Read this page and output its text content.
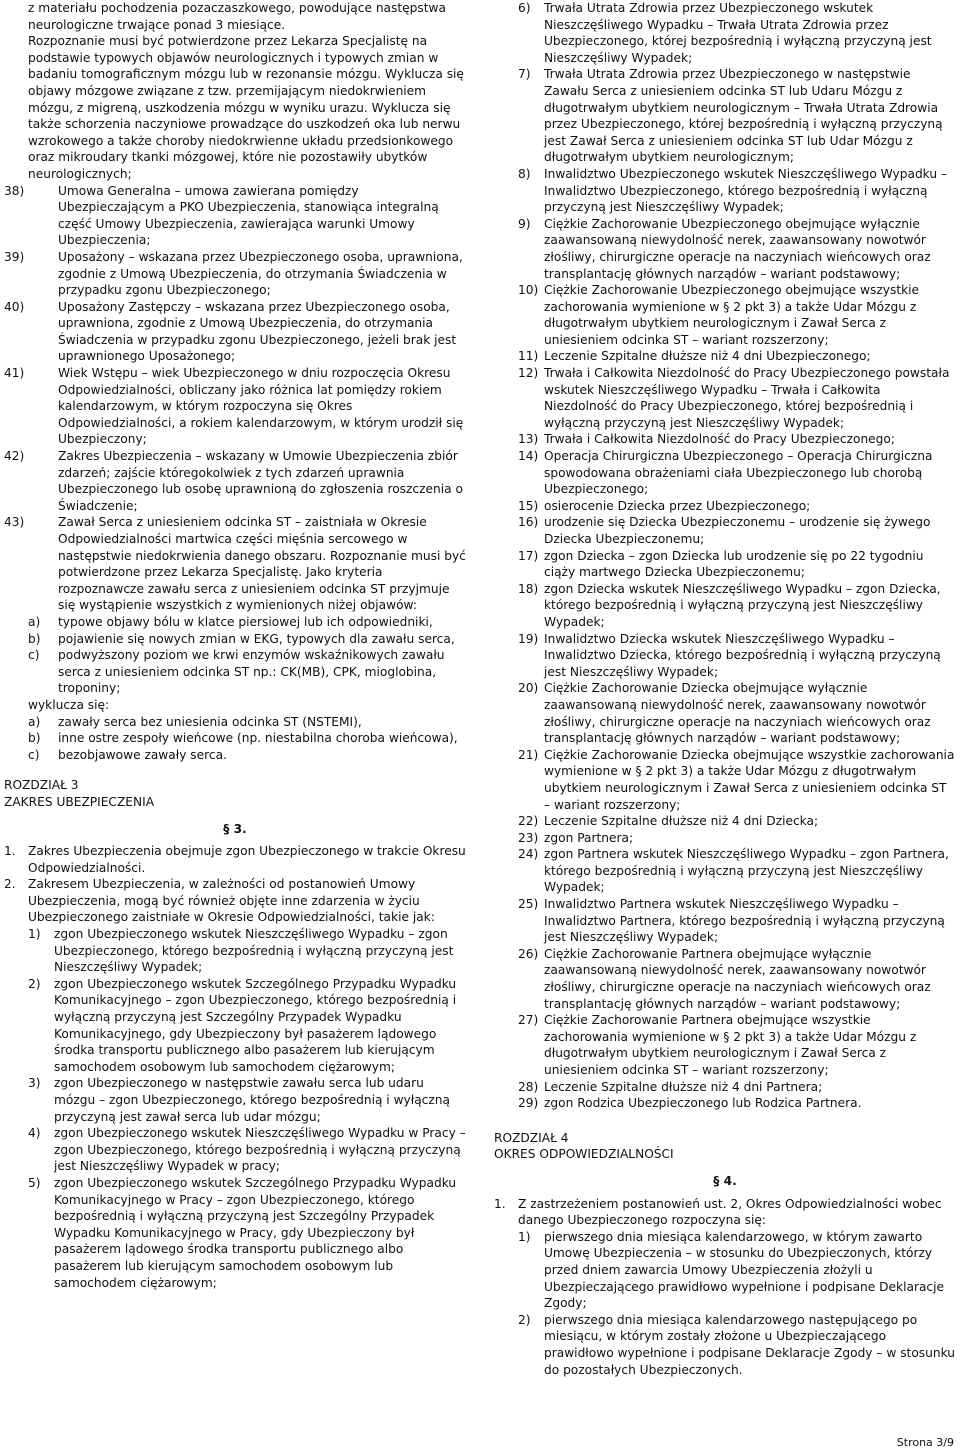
z materiału pochodzenia pozaczaszkowego, powodujące następstwa neurologiczne trwające ponad 3 miesiące.

Rozpoznanie musi być potwierdzone przez Lekarza Specjalistę na podstawie typowych objawów neurologicznych i typowych zmian w badaniu tomograficznym mózgu lub w rezonansie mózgu. Wyklucza się objawy mózgowe związane z tzw. przemijającym niedokrwieniem mózgu, z migreną, uszkodzenia mózgu w wyniku urazu. Wyklucza się także schorzenia naczyniowe prowadzące do uszkodzeń oka lub nerwu wzrokowego a także choroby niedokrwienne układu przedsionkowego oraz mikroudary tkanki mózgowej, które nie pozostawiły ubytków neurologicznych;

38)	Umowa Generalna – umowa zawierana pomiędzy Ubezpieczającym a PKO Ubezpieczenia, stanowiąca integralną część Umowy Ubezpieczenia, zawierająca warunki Umowy Ubezpieczenia;
39)	Uposażony – wskazana przez Ubezpieczonego osoba, uprawniona, zgodnie z Umową Ubezpieczenia, do otrzymania Świadczenia w przypadku zgonu Ubezpieczonego;
40)	Uposażony Zastępczy – wskazana przez Ubezpieczonego osoba, uprawniona, zgodnie z Umową Ubezpieczenia, do otrzymania Świadczenia w przypadku zgonu Ubezpieczonego, jeżeli brak jest uprawnionego Uposażonego;
41)	Wiek Wstępu – wiek Ubezpieczonego w dniu rozpoczęcia Okresu Odpowiedzialności, obliczany jako różnica lat pomiędzy rokiem kalendarzowym, w którym rozpoczyna się Okres Odpowiedzialności, a rokiem kalendarzowym, w którym urodził się Ubezpieczony;
42)	Zakres Ubezpieczenia – wskazany w Umowie Ubezpieczenia zbiór zdarzeń; zajście któregokolwiek z tych zdarzeń uprawnia Ubezpieczonego lub osobę uprawnioną do zgłoszenia roszczenia o Świadczenie;
43)	Zawał Serca z uniesieniem odcinka ST – zaistniała w Okresie Odpowiedzialności martwica części mięśnia sercowego w następstwie niedokrwienia danego obszaru. Rozpoznanie musi być potwierdzone przez Lekarza Specjalistę. Jako kryteria rozpoznawcze zawału serca z uniesieniem odcinka ST przyjmuje się wystąpienie wszystkich z wymienionych niżej objawów:
a) typowe objawy bólu w klatce piersiowej lub ich odpowiedniki,
b) pojawienie się nowych zmian w EKG, typowych dla zawału serca,
c) podwyższony poziom we krwi enzymów wskaźnikowych zawału serca z uniesieniem odcinka ST np.: CK(MB), CPK, mioglobina, troponiny;

wykluczа się:

a) zawały serca bez uniesienia odcinka ST (NSTEMI),
b) inne ostre zespoły wieńcowe (np. niestabilna choroba wieńcowa),
c) bezobjawowe zawały serca.

ROZDZIAŁ 3

ZAKRES UBEZPIECZENIA

§ 3.

1. Zakres Ubezpieczenia obejmuje zgon Ubezpieczonego w trakcie Okresu Odpowiedzialności.
2. Zakresem Ubezpieczenia, w zależności od postanowień Umowy Ubezpieczenia, mogą być również objęte inne zdarzenia w życiu Ubezpieczonego zaistniałe w Okresie Odpowiedzialności, takie jak:
1) zgon Ubezpieczonego wskutek Nieszczęśliwego Wypadku – zgon Ubezpieczonego, którego bezpośrednią i wyłączną przyczyną jest Nieszczęśliwy Wypadek;
2) zgon Ubezpieczonego wskutek Szczególnego Przypadku Wypadku Komunikacyjnego – zgon Ubezpieczonego, którego bezpośrednią i wyłączną przyczyną jest Szczególny Przypadek Wypadku Komunikacyjnego, gdy Ubezpieczony był pasażerem lądowego środka transportu publicznego albo pasażerem lub kierującym samochodem osobowym lub samochodem ciężarowym;
3) zgon Ubezpieczonego w następstwie zawału serca lub udaru mózgu – zgon Ubezpieczonego, którego bezpośrednią i wyłączną przyczyną jest zawał serca lub udar mózgu;
4) zgon Ubezpieczonego wskutek Nieszczęśliwego Wypadku w Pracy – zgon Ubezpieczonego, którego bezpośrednią i wyłączną przyczyną jest Nieszczęśliwy Wypadek w pracy;
5) zgon Ubezpieczonego wskutek Szczególnego Przypadku Wypadku Komunikacyjnego w Pracy – zgon Ubezpieczonego, którego bezpośrednią i wyłączną przyczyną jest Szczególny Przypadek Wypadku Komunikacyjnego w Pracy, gdy Ubezpieczony był pasażerem lądowego środka transportu publicznego albo pasażerem lub kierującym samochodem osobowym lub samochodem ciężarowym;
6) Trwała Utrata Zdrowia przez Ubezpieczonego wskutek Nieszczęśliwego Wypadku – Trwała Utrata Zdrowia przez Ubezpieczonego, której bezpośrednią i wyłączną przyczyną jest Nieszczęśliwy Wypadek;
7) Trwała Utrata Zdrowia przez Ubezpieczonego w następstwie Zawału Serca z uniesieniem odcinka ST lub Udaru Mózgu z długotrwałym ubytkiem neurologicznym – Trwała Utrata Zdrowia przez Ubezpieczonego, której bezpośrednią i wyłączną przyczyną jest Zawał Serca z uniesieniem odcinka ST lub Udar Mózgu z długotrwałym ubytkiem neurologicznym;
8) Inwalidztwo Ubezpieczonego wskutek Nieszczęśliwego Wypadku – Inwalidztwo Ubezpieczonego, którego bezpośrednią i wyłączną przyczyną jest Nieszczęśliwy Wypadek;
9) Ciężkie Zachorowanie Ubezpieczonego obejmujące wyłącznie zaawansowaną niewydolność nerek, zaawansowany nowotwór złośliwy, chirurgiczne operacje na naczyniach wieńcowych oraz transplantację głównych narządów – wariant podstawowy;
10) Ciężkie Zachorowanie Ubezpieczonego obejmujące wszystkie zachorowania wymienione w § 2 pkt 3) a także Udar Mózgu z długotrwałym ubytkiem neurologicznym i Zawał Serca z uniesieniem odcinka ST – wariant rozszerzony;
11) Leczenie Szpitalne dłuższe niż 4 dni Ubezpieczonego;
12) Trwała i Całkowita Niezdolność do Pracy Ubezpieczonego powstała wskutek Nieszczęśliwego Wypadku – Trwała i Całkowita Niezdolność do Pracy Ubezpieczonego, której bezpośrednią i wyłączną przyczyną jest Nieszczęśliwy Wypadek;
13) Trwała i Całkowita Niezdolność do Pracy Ubezpieczonego;
14) Operacja Chirurgiczna Ubezpieczonego – Operacja Chirurgiczna spowodowana obrażeniami ciała Ubezpieczonego lub chorobą Ubezpieczonego;
15) osierocenie Dziecka przez Ubezpieczonego;
16) urodzenie się Dziecka Ubezpieczonemu – urodzenie się żywego Dziecka Ubezpieczonemu;
17) zgon Dziecka – zgon Dziecka lub urodzenie się po 22 tygodniu ciąży martwego Dziecka Ubezpieczonemu;
18) zgon Dziecka wskutek Nieszczęśliwego Wypadku – zgon Dziecka, którego bezpośrednią i wyłączną przyczyną jest Nieszczęśliwy Wypadek;
19) Inwalidztwo Dziecka wskutek Nieszczęśliwego Wypadku – Inwalidztwo Dziecka, którego bezpośrednią i wyłączną przyczyną jest Nieszczęśliwy Wypadek;
20) Ciężkie Zachorowanie Dziecka obejmujące wyłącznie zaawansowaną niewydolność nerek, zaawansowany nowotwór złośliwy, chirurgiczne operacje na naczyniach wieńcowych oraz transplantację głównych narządów – wariant podstawowy;
21) Ciężkie Zachorowanie Dziecka obejmujące wszystkie zachorowania wymienione w § 2 pkt 3) a także Udar Mózgu z długotrwałym ubytkiem neurologicznym i Zawał Serca z uniesieniem odcinka ST – wariant rozszerzony;
22) Leczenie Szpitalne dłuższe niż 4 dni Dziecka;
23) zgon Partnera;
24) zgon Partnera wskutek Nieszczęśliwego Wypadku – zgon Partnera, którego bezpośrednią i wyłączną przyczyną jest Nieszczęśliwy Wypadek;
25) Inwalidztwo Partnera wskutek Nieszczęśliwego Wypadku – Inwalidztwo Partnera, którego bezpośrednią i wyłączną przyczyną jest Nieszczęśliwy Wypadek;
26) Ciężkie Zachorowanie Partnera obejmujące wyłącznie zaawansowaną niewydolność nerek, zaawansowany nowotwór złośliwy, chirurgiczne operacje na naczyniach wieńcowych oraz transplantację głównych narządów – wariant podstawowy;
27) Ciężkie Zachorowanie Partnera obejmujące wszystkie zachorowania wymienione w § 2 pkt 3) a także Udar Mózgu z długotrwałym ubytkiem neurologicznym i Zawał Serca z uniesieniem odcinka ST – wariant rozszerzony;
28) Leczenie Szpitalne dłuższe niż 4 dni Partnera;
29) zgon Rodzica Ubezpieczonego lub Rodzica Partnera.

ROZDZIAŁ 4

OKRES ODPOWIEDZIALNOŚCI

§ 4.

1. Z zastrzeżeniem postanowień ust. 2, Okres Odpowiedzialności wobec danego Ubezpieczonego rozpoczyna się:
1) pierwszego dnia miesiąca kalendarzowego, w którym zawarto Umowę Ubezpieczenia – w stosunku do Ubezpieczonych, którzy przed dniem zawarcia Umowy Ubezpieczenia złożyli u Ubezpieczającego prawidłowo wypełnione i podpisane Deklaracje Zgody;
2) pierwszego dnia miesiąca kalendarzowego następującego po miesiącu, w którym zostały złożone u Ubezpieczającego prawidłowo wypełnione i podpisane Deklaracje Zgody – w stosunku do pozostałych Ubezpieczonych.
Strona 3/9
